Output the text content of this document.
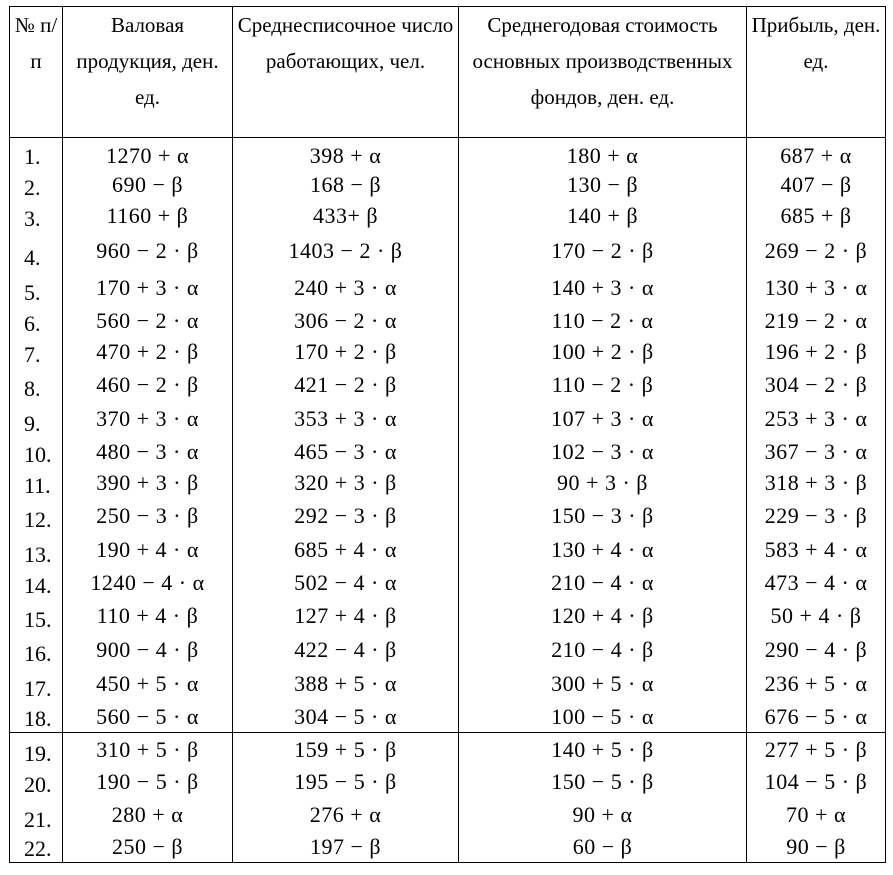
№ п/п	Валовая продукция, ден. ед.	Среднесписочное число работающих, чел.	Среднегодовая стоимость основных производственных фондов, ден. ед.	Прибыль, ден. ед.
1.	1270 + α	398 + α	180 + α	687 + α
2.	690 − β	168 − β	130 − β	407 − β
3.	1160 + β	433+ β	140 + β	685 + β
4.	960 − 2 · β	1403 − 2 · β	170 − 2 · β	269 − 2 · β
5.	170 + 3 · α	240 + 3 · α	140 + 3 · α	130 + 3 · α
6.	560 − 2 · α	306 − 2 · α	110 − 2 · α	219 − 2 · α
7.	470 + 2 · β	170 + 2 · β	100 + 2 · β	196 + 2 · β
8.	460 − 2 · β	421 − 2 · β	110 − 2 · β	304 − 2 · β
9.	370 + 3 · α	353 + 3 · α	107 + 3 · α	253 + 3 · α
10.	480 − 3 · α	465 − 3 · α	102 − 3 · α	367 − 3 · α
11.	390 + 3 · β	320 + 3 · β	90 + 3 · β	318 + 3 · β
12.	250 − 3 · β	292 − 3 · β	150 − 3 · β	229 − 3 · β
13.	190 + 4 · α	685 + 4 · α	130 + 4 · α	583 + 4 · α
14.	1240 − 4 · α	502 − 4 · α	210 − 4 · α	473 − 4 · α
15.	110 + 4 · β	127 + 4 · β	120 + 4 · β	50 + 4 · β
16.	900 − 4 · β	422 − 4 · β	210 − 4 · β	290 − 4 · β
17.	450 + 5 · α	388 + 5 · α	300 + 5 · α	236 + 5 · α
18.	560 − 5 · α	304 − 5 · α	100 − 5 · α	676 − 5 · α
19.	310 + 5 · β	159 + 5 · β	140 + 5 · β	277 + 5 · β
20.	190 − 5 · β	195 − 5 · β	150 − 5 · β	104 − 5 · β
21.	280 + α	276 + α	90 + α	70 + α
22.	250 − β	197 − β	60 − β	90 − β
